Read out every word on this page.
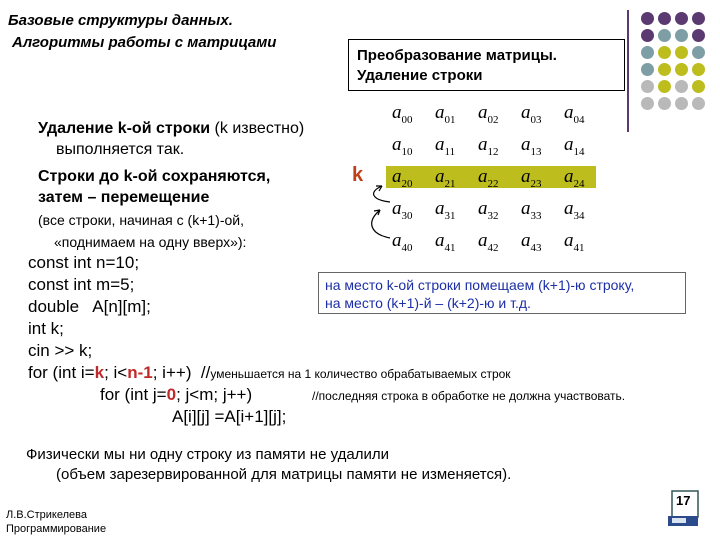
Базовые структуры данных.
Алгоритмы работы с матрицами
Преобразование матрицы.
Удаление строки
Удаление k-ой строки (k известно)
выполняется так.
Строки до k-ой сохраняются,
затем – перемещение
(все строки, начиная с (k+1)-ой,
«поднимаем на одну вверх»):
k
$a_{00}$	$a_{01}$	$a_{02}$	$a_{03}$	$a_{04}$
$a_{10}$	$a_{11}$	$a_{12}$	$a_{13}$	$a_{14}$
$a_{20}$	$a_{21}$	$a_{22}$	$a_{23}$	$a_{24}$
$a_{30}$	$a_{31}$	$a_{32}$	$a_{33}$	$a_{34}$
$a_{40}$	$a_{41}$	$a_{42}$	$a_{43}$	$a_{41}$
const int n=10;
const int m=5;
double   A[n][m];
int k;
cin >> k;
for (int i=k; i<n-1; i++)  //уменьшается на 1 количество обрабатываемых строк
for (int j=0; j<m; j++)	//последняя строка в обработке не должна участвовать.
A[i][j] =A[i+1][j];
на место k-ой строки помещаем (k+1)-ю строку,
на место (k+1)-й – (k+2)-ю и т.д.
Физически мы ни одну строку из памяти не удалили
(объем зарезервированной для матрицы памяти не изменяется).
Л.В.Стрикелева
Программирование
17
